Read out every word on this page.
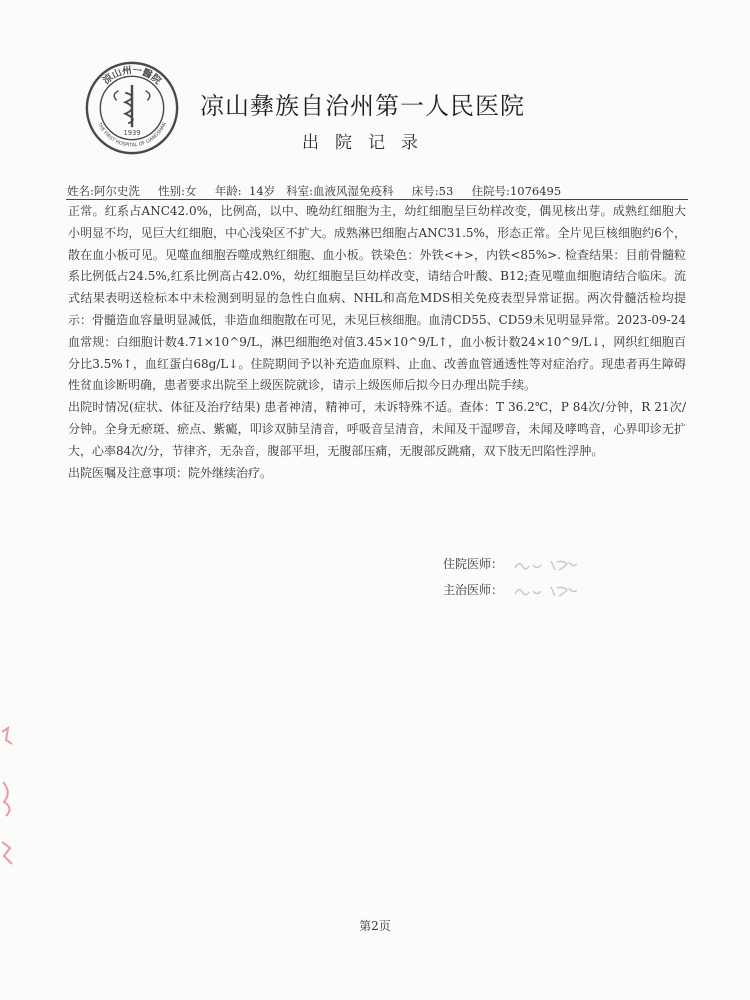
涼山州一醫院
THE FIRST HOSPITAL OF LIANGSHAN
1939
凉山彝族自治州第一人民医院
出院记录
姓名:阿尔史洗 性别:女 年龄: 14岁 科室:血液风湿免疫科 床号:53 住院号:1076495

正常。红系占ANC42.0%，比例高，以中、晚幼红细胞为主，幼红细胞呈巨幼样改变，偶见核出芽。成熟红细胞大小明显不均，见巨大红细胞，中心浅染区不扩大。成熟淋巴细胞占ANC31.5%，形态正常。全片见巨核细胞约6个，散在血小板可见。见噬血细胞吞噬成熟红细胞、血小板。铁染色：外铁<+>，内铁<85%>. 检查结果：目前骨髓粒系比例低占24.5%,红系比例高占42.0%，幼红细胞呈巨幼样改变，请结合叶酸、B12;查见噬血细胞请结合临床。流式结果表明送检标本中未检测到明显的急性白血病、NHL和高危MDS相关免疫表型异常证据。两次骨髓活检均提示：骨髓造血容量明显减低，非造血细胞散在可见，未见巨核细胞。血清CD55、CD59未见明显异常。2023-09-24 血常规：白细胞计数4.71×10^9/L，淋巴细胞绝对值3.45×10^9/L↑，血小板计数24×10^9/L↓，网织红细胞百分比3.5%↑，血红蛋白68g/L↓。住院期间予以补充造血原料、止血、改善血管通透性等对症治疗。现患者再生障碍性贫血诊断明确，患者要求出院至上级医院就诊，请示上级医师后拟今日办理出院手续。

出院时情况(症状、体征及治疗结果) 患者神清，精神可，未诉特殊不适。查体：T 36.2℃，P 84次/分钟，R 21次/分钟。全身无瘀斑、瘀点、紫癜，叩诊双肺呈清音，呼吸音呈清音，未闻及干湿啰音，未闻及哮鸣音，心界叩诊无扩大，心率84次/分，节律齐，无杂音，腹部平坦，无腹部压痛，无腹部反跳痛，双下肢无凹陷性浮肿。

出院医嘱及注意事项：院外继续治疗。

住院医师：
主治医师：
第2页
